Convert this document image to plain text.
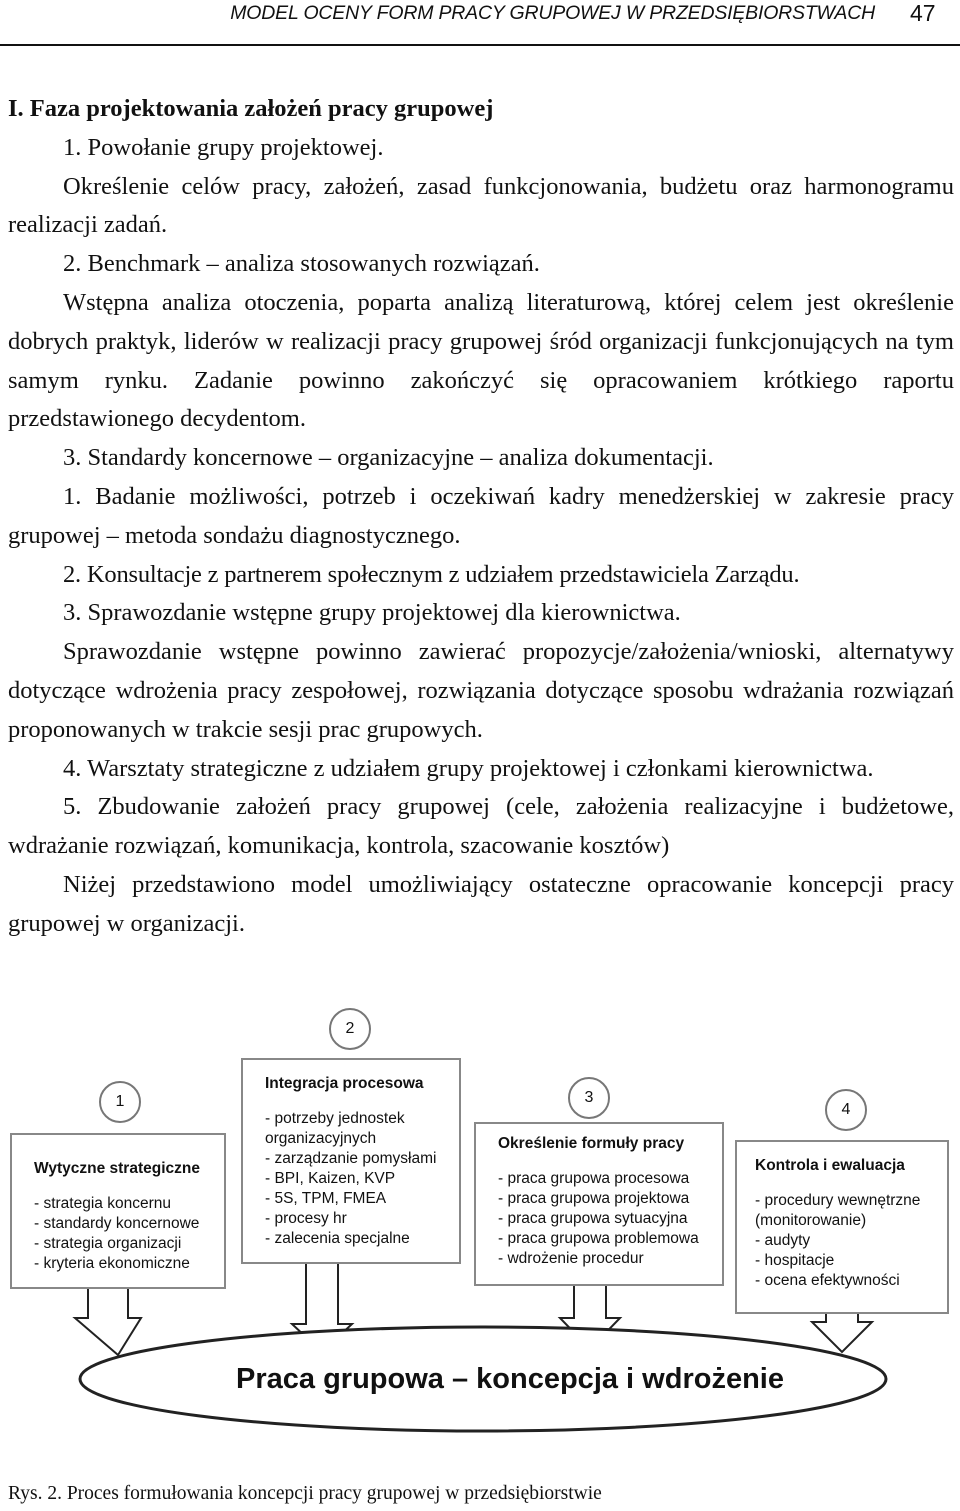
MODEL OCENY FORM PRACY GRUPOWEJ W PRZEDSIĘBIORSTWACH 47
I. Faza projektowania założeń pracy grupowej

1. Powołanie grupy projektowej.

Określenie celów pracy, założeń, zasad funkcjonowania, budżetu oraz harmonogramu realizacji zadań.

2. Benchmark – analiza stosowanych rozwiązań.

Wstępna analiza otoczenia, poparta analizą literaturową, której celem jest określenie dobrych praktyk, liderów w realizacji pracy grupowej śród organizacji funkcjonujących na tym samym rynku. Zadanie powinno zakończyć się opracowaniem krótkiego raportu przedstawionego decydentom.

3. Standardy koncernowe – organizacyjne – analiza dokumentacji.

1. Badanie możliwości, potrzeb i oczekiwań kadry menedżerskiej w zakresie pracy grupowej – metoda sondażu diagnostycznego.

2. Konsultacje z partnerem społecznym z udziałem przedstawiciela Zarządu.

3. Sprawozdanie wstępne grupy projektowej dla kierownictwa.

Sprawozdanie wstępne powinno zawierać propozycje/założenia/wnioski, alternatywy dotyczące wdrożenia pracy zespołowej, rozwiązania dotyczące sposobu wdrażania rozwiązań proponowanych w trakcie sesji prac grupowych.

4. Warsztaty strategiczne z udziałem grupy projektowej i członkami kierownictwa.

5. Zbudowanie założeń pracy grupowej (cele, założenia realizacyjne i budżetowe, wdrażanie rozwiązań, komunikacja, kontrola, szacowanie kosztów)

Niżej przedstawiono model umożliwiający ostateczne opracowanie koncepcji pracy grupowej w organizacji.

1
2
3
4
Wytyczne strategiczne
- strategia koncernu
- standardy koncernowe
- strategia organizacji
- kryteria ekonomiczne
Integracja procesowa
- potrzeby jednostek
organizacyjnych
- zarządzanie pomysłami
- BPI, Kaizen, KVP
- 5S, TPM, FMEA
- procesy hr
- zalecenia specjalne
Określenie formuły pracy
- praca grupowa procesowa
- praca grupowa projektowa
- praca grupowa sytuacyjna
- praca grupowa problemowa
- wdrożenie procedur
Kontrola i ewaluacja
- procedury wewnętrzne
(monitorowanie)
- audyty
- hospitacje
- ocena efektywności
Praca grupowa – koncepcja i wdrożenie
Rys. 2. Proces formułowania koncepcji pracy grupowej w przedsiębiorstwie
